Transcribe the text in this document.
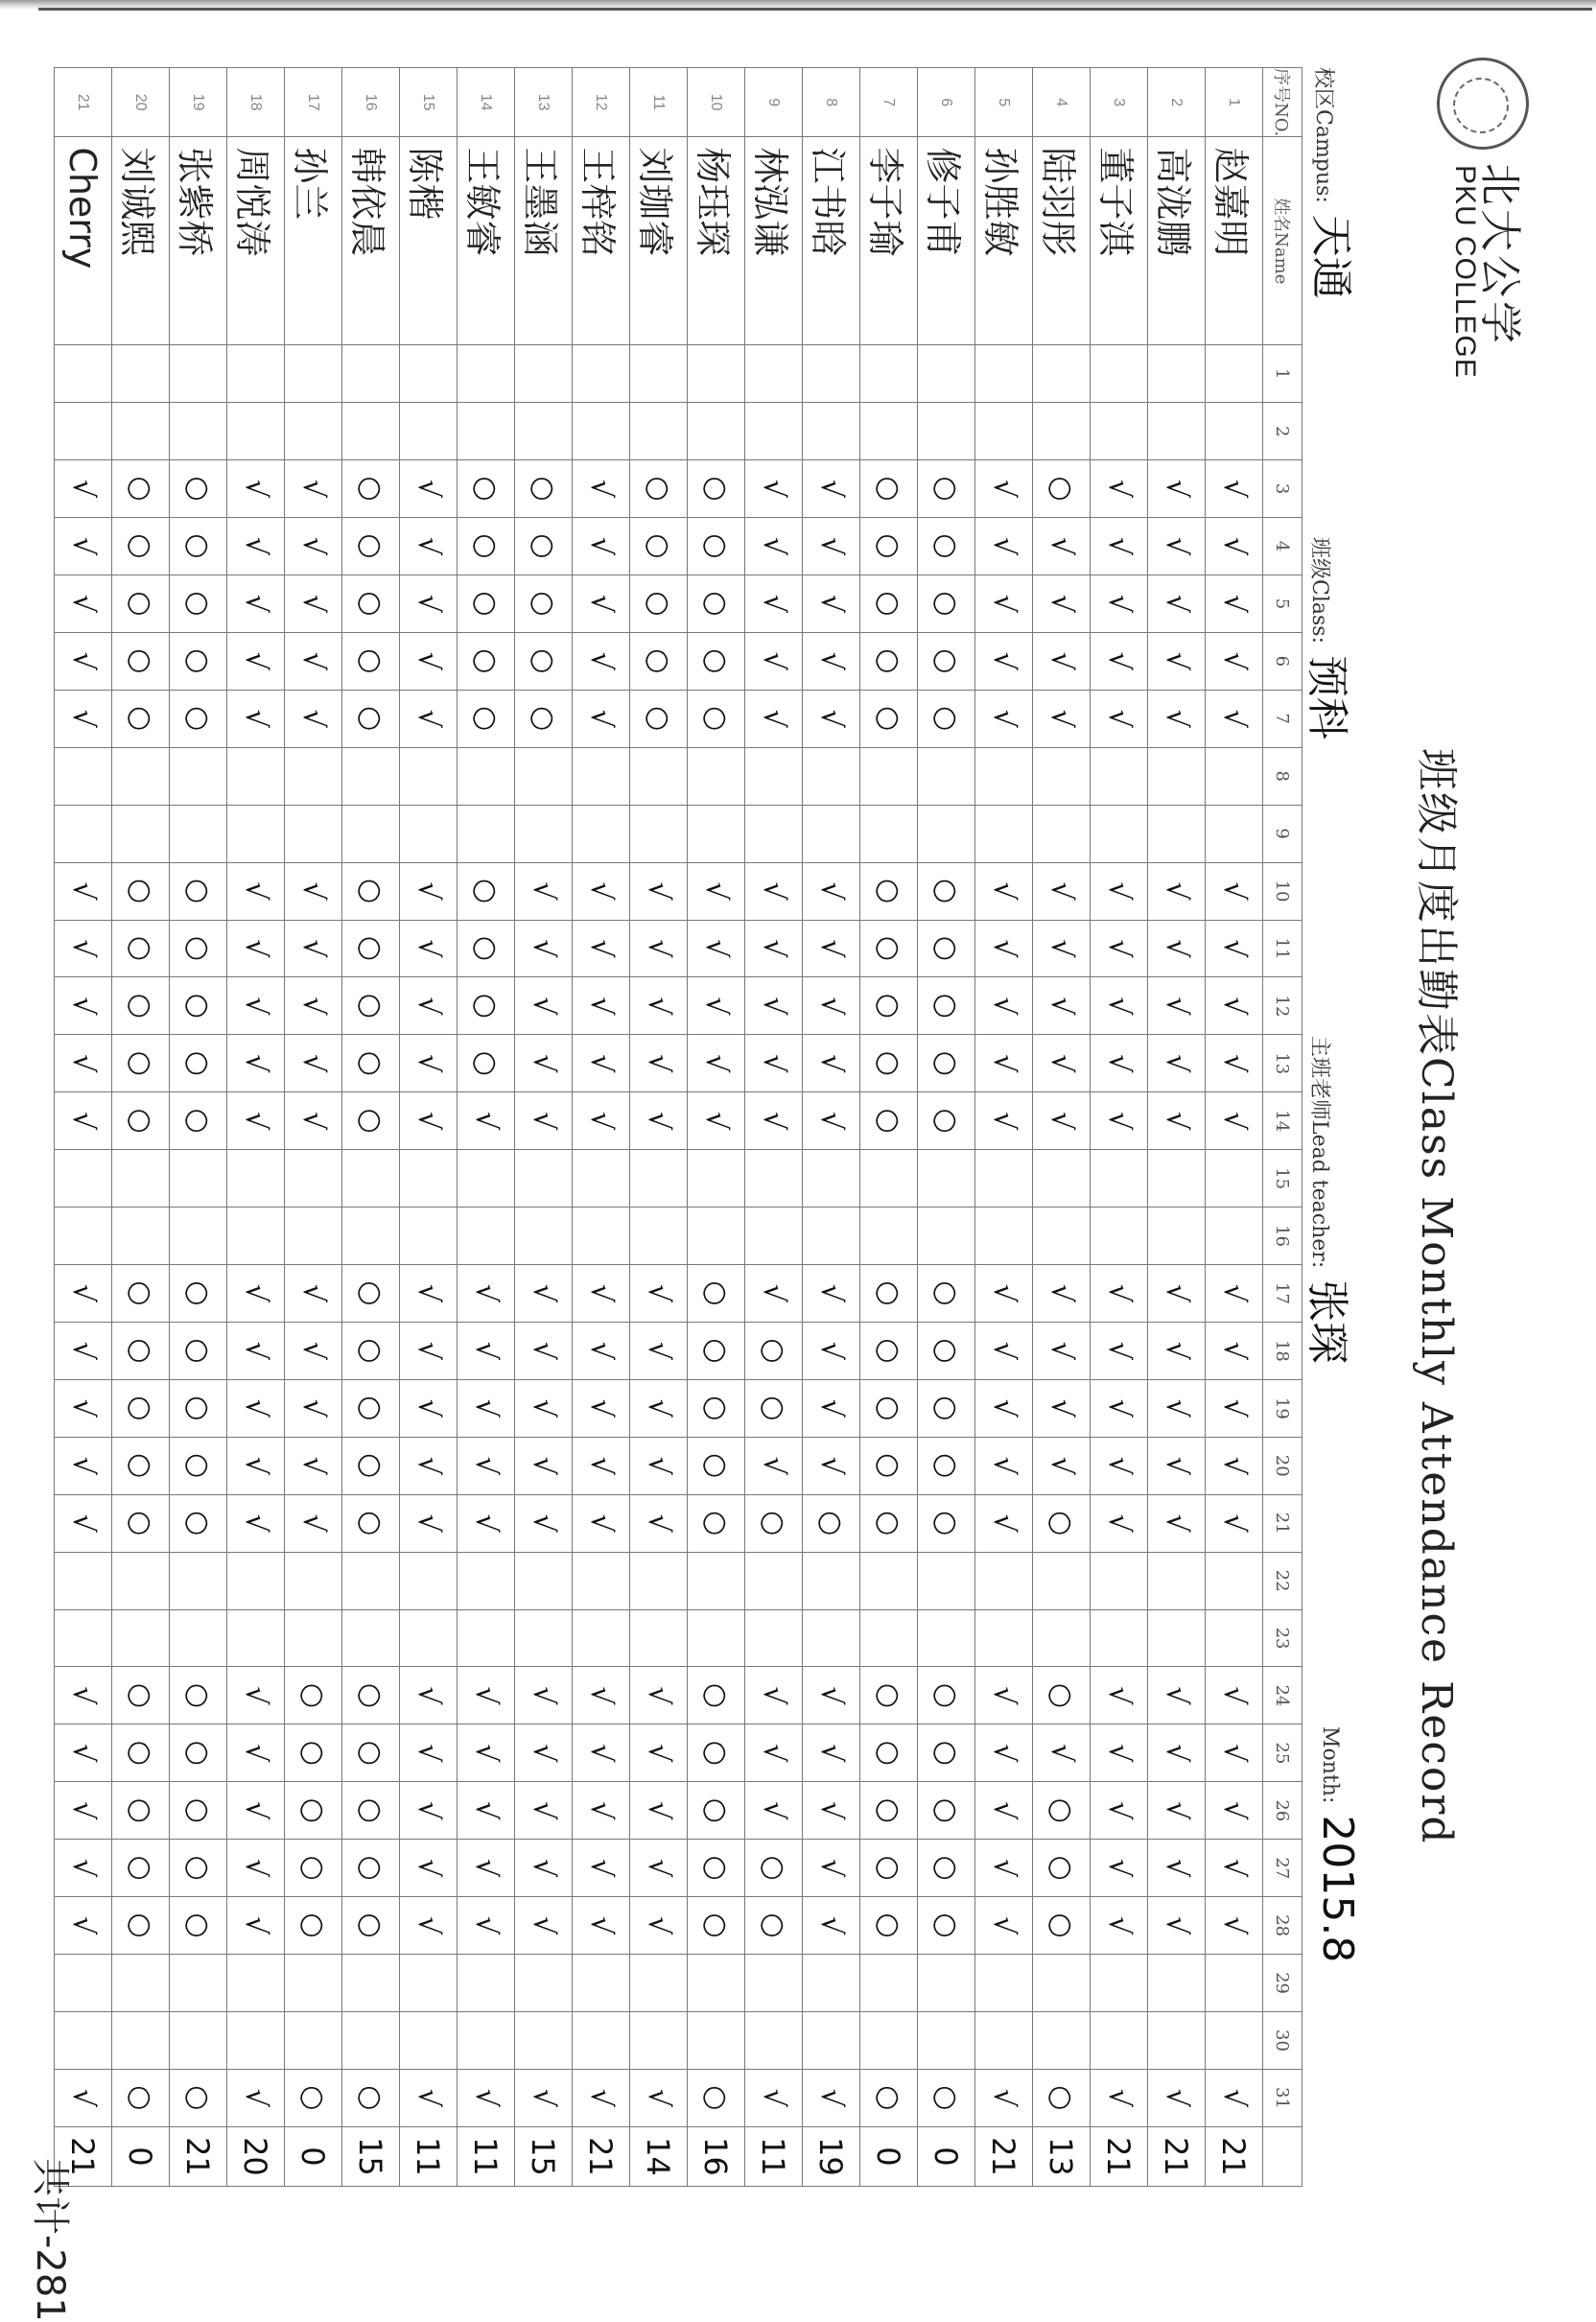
北大公学
PKU COLLEGE
班级月度出勤表Class Monthly Attendance Record
校区Campus:天通
班级Class:预科
主班老师Lead teacher:张琛
Month:2015.8
序号NO.	姓名Name	1	2	3	4	5	6	7	8	9	10	11	12	13	14	15	16	17	18	19	20	21	22	23	24	25	26	27	28	29	30	31	
1	赵嘉明			√	√	√	√	√			√	√	√	√	√			√	√	√	√	√			√	√	√	√	√			√	21
2	高泷鹏			√	√	√	√	√			√	√	√	√	√			√	√	√	√	√			√	√	√	√	√			√	21
3	董子淇			√	√	√	√	√			√	√	√	√	√			√	√	√	√	√			√	√	√	√	√			√	21
4	陆羽彤			○	√	√	√	√			√	√	√	√	√			√	√	√	√	○			○	√	○	○	○			○	13
5	孙胜敏			√	√	√	√	√			√	√	√	√	√			√	√	√	√	√			√	√	√	√	√			√	21
6	修子甫			○	○	○	○	○			○	○	○	○	○			○	○	○	○	○			○	○	○	○	○			○	0
7	李子瑜			○	○	○	○	○			○	○	○	○	○			○	○	○	○	○			○	○	○	○	○			○	0
8	江书晗			√	√	√	√	√			√	√	√	√	√			√	√	√	√	○			√	√	√	√	√			√	19
9	林泓谦			√	√	√	√	√			√	√	√	√	√			√	○	○	√	○			√	√	√	○	○			√	11
10	杨珏琛			○	○	○	○	○			√	√	√	√	√			○	○	○	○	○			○	○	○	○	○			○	16
11	刘珈睿			○	○	○	○	○			√	√	√	√	√			√	√	√	√	√			√	√	√	√	√			√	14
12	王梓铭			√	√	√	√	√			√	√	√	√	√			√	√	√	√	√			√	√	√	√	√			√	21
13	王墨涵			○	○	○	○	○			√	√	√	√	√			√	√	√	√	√			√	√	√	√	√			√	15
14	王敏睿			○	○	○	○	○			○	○	○	○	√			√	√	√	√	√			√	√	√	√	√			√	11
15	陈楷			√	√	√	√	√			√	√	√	√	√			√	√	√	√	√			√	√	√	√	√			√	11
16	韩依晨			○	○	○	○	○			○	○	○	○	○			○	○	○	○	○			○	○	○	○	○			○	15
17	孙兰			√	√	√	√	√			√	√	√	√	√			√	√	√	√	√			○	○	○	○	○			○	0
18	周悦涛			√	√	√	√	√			√	√	√	√	√			√	√	√	√	√			√	√	√	√	√			√	20
19	张紫桥			○	○	○	○	○			○	○	○	○	○			○	○	○	○	○			○	○	○	○	○			○	21
20	刘诚熙			○	○	○	○	○			○	○	○	○	○			○	○	○	○	○			○	○	○	○	○			○	0
21	Cherry			√	√	√	√	√			√	√	√	√	√			√	√	√	√	√			√	√	√	√	√			√	21
共计-281
